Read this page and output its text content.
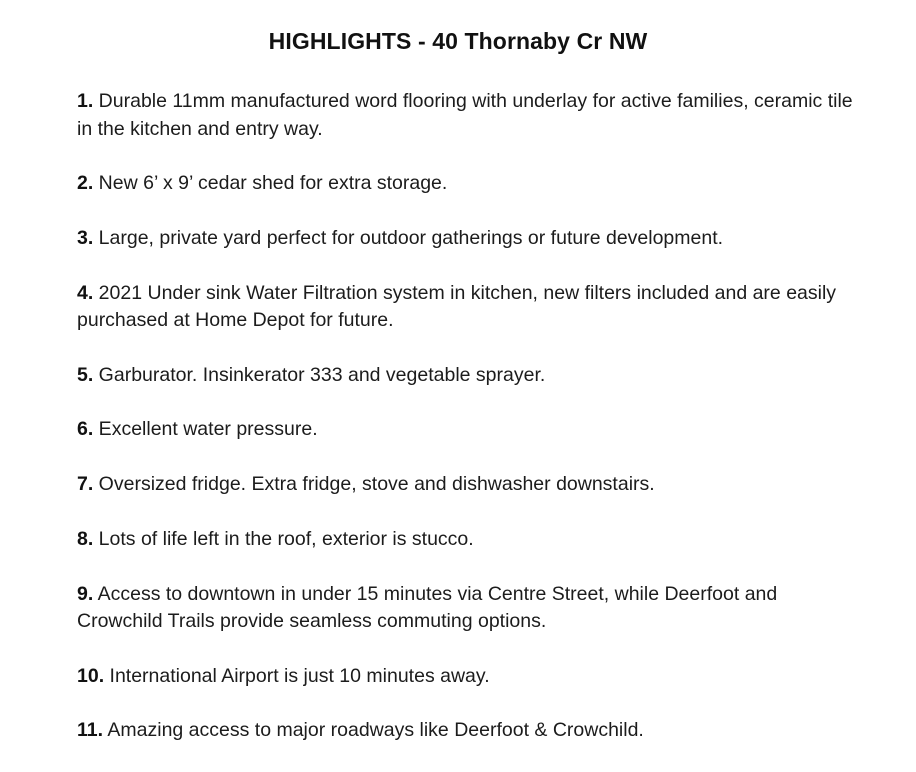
HIGHLIGHTS - 40 Thornaby Cr NW
1. Durable 11mm manufactured word flooring with underlay for active families, ceramic tile in the kitchen and entry way.
2. New 6’ x 9’ cedar shed for extra storage.
3. Large, private yard perfect for outdoor gatherings or future development.
4. 2021 Under sink Water Filtration system in kitchen, new filters included and are easily purchased at Home Depot for future.
5. Garburator. Insinkerator 333 and vegetable sprayer.
6. Excellent water pressure.
7. Oversized fridge. Extra fridge, stove and dishwasher downstairs.
8. Lots of life left in the roof, exterior is stucco.
9. Access to downtown in under 15 minutes via Centre Street, while Deerfoot and Crowchild Trails provide seamless commuting options.
10. International Airport is just 10 minutes away.
11. Amazing access to major roadways like Deerfoot & Crowchild.
